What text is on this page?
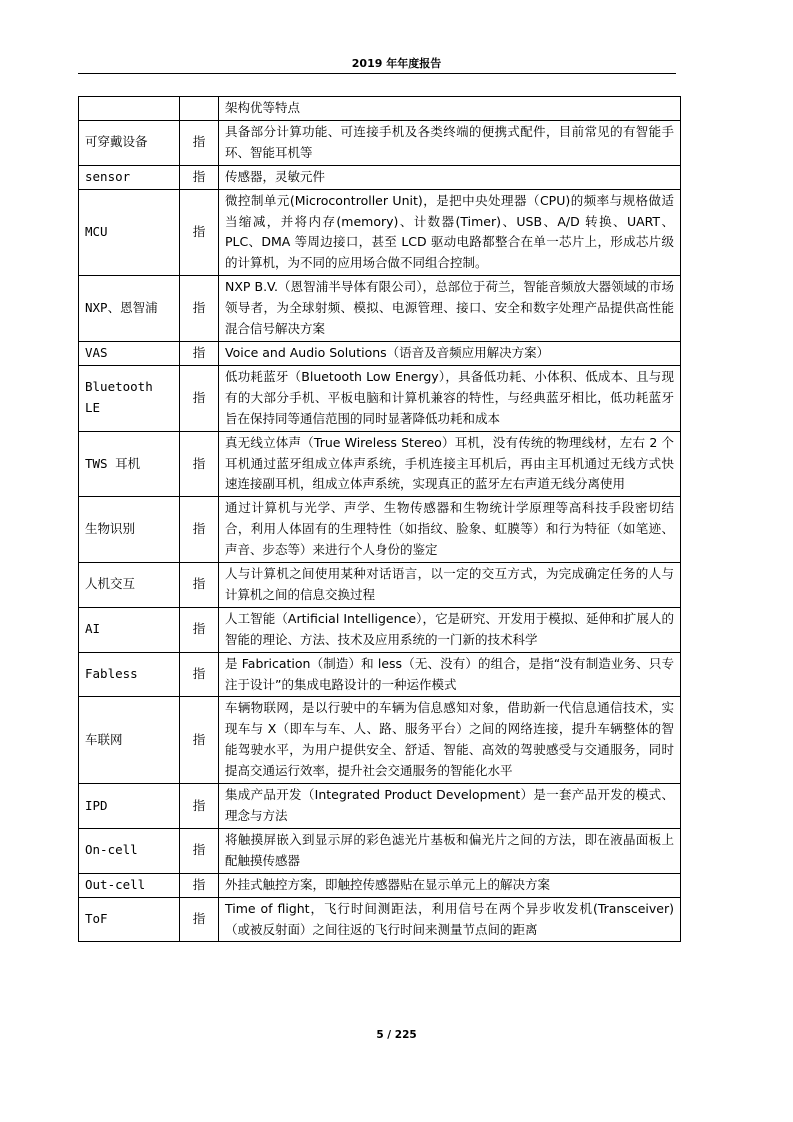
2019 年年度报告
		架构优等特点
可穿戴设备	指	具备部分计算功能、可连接手机及各类终端的便携式配件，目前常见的有智能手环、智能耳机等
sensor	指	传感器，灵敏元件
MCU	指	微控制单元(Microcontroller Unit)，是把中央处理器（CPU)的频率与规格做适当缩减，并将内存(memory)、计数器(Timer)、USB、A/D 转换、UART、PLC、DMA 等周边接口，甚至 LCD 驱动电路都整合在单一芯片上，形成芯片级的计算机，为不同的应用场合做不同组合控制。
NXP、恩智浦	指	NXP B.V.（恩智浦半导体有限公司），总部位于荷兰，智能音频放大器领域的市场领导者，为全球射频、模拟、电源管理、接口、安全和数字处理产品提供高性能混合信号解决方案
VAS	指	Voice and Audio Solutions（语音及音频应用解决方案）
Bluetooth LE	指	低功耗蓝牙（Bluetooth Low Energy），具备低功耗、小体积、低成本、且与现有的大部分手机、平板电脑和计算机兼容的特性，与经典蓝牙相比，低功耗蓝牙旨在保持同等通信范围的同时显著降低功耗和成本
TWS 耳机	指	真无线立体声（True Wireless Stereo）耳机，没有传统的物理线材，左右 2 个耳机通过蓝牙组成立体声系统，手机连接主耳机后，再由主耳机通过无线方式快速连接副耳机，组成立体声系统，实现真正的蓝牙左右声道无线分离使用
生物识别	指	通过计算机与光学、声学、生物传感器和生物统计学原理等高科技手段密切结合，利用人体固有的生理特性（如指纹、脸象、虹膜等）和行为特征（如笔迹、声音、步态等）来进行个人身份的鉴定
人机交互	指	人与计算机之间使用某种对话语言，以一定的交互方式，为完成确定任务的人与计算机之间的信息交换过程
AI	指	人工智能（Artificial Intelligence），它是研究、开发用于模拟、延伸和扩展人的智能的理论、方法、技术及应用系统的一门新的技术科学
Fabless	指	是 Fabrication（制造）和 less（无、没有）的组合，是指“没有制造业务、只专注于设计”的集成电路设计的一种运作模式
车联网	指	车辆物联网，是以行驶中的车辆为信息感知对象，借助新一代信息通信技术，实现车与 X（即车与车、人、路、服务平台）之间的网络连接，提升车辆整体的智能驾驶水平，为用户提供安全、舒适、智能、高效的驾驶感受与交通服务，同时提高交通运行效率，提升社会交通服务的智能化水平
IPD	指	集成产品开发（Integrated Product Development）是一套产品开发的模式、理念与方法
On-cell	指	将触摸屏嵌入到显示屏的彩色滤光片基板和偏光片之间的方法，即在液晶面板上配触摸传感器
Out-cell	指	外挂式触控方案，即触控传感器贴在显示单元上的解决方案
ToF	指	Time of flight，飞行时间测距法，利用信号在两个异步收发机(Transceiver)（或被反射面）之间往返的飞行时间来测量节点间的距离
5 / 225
